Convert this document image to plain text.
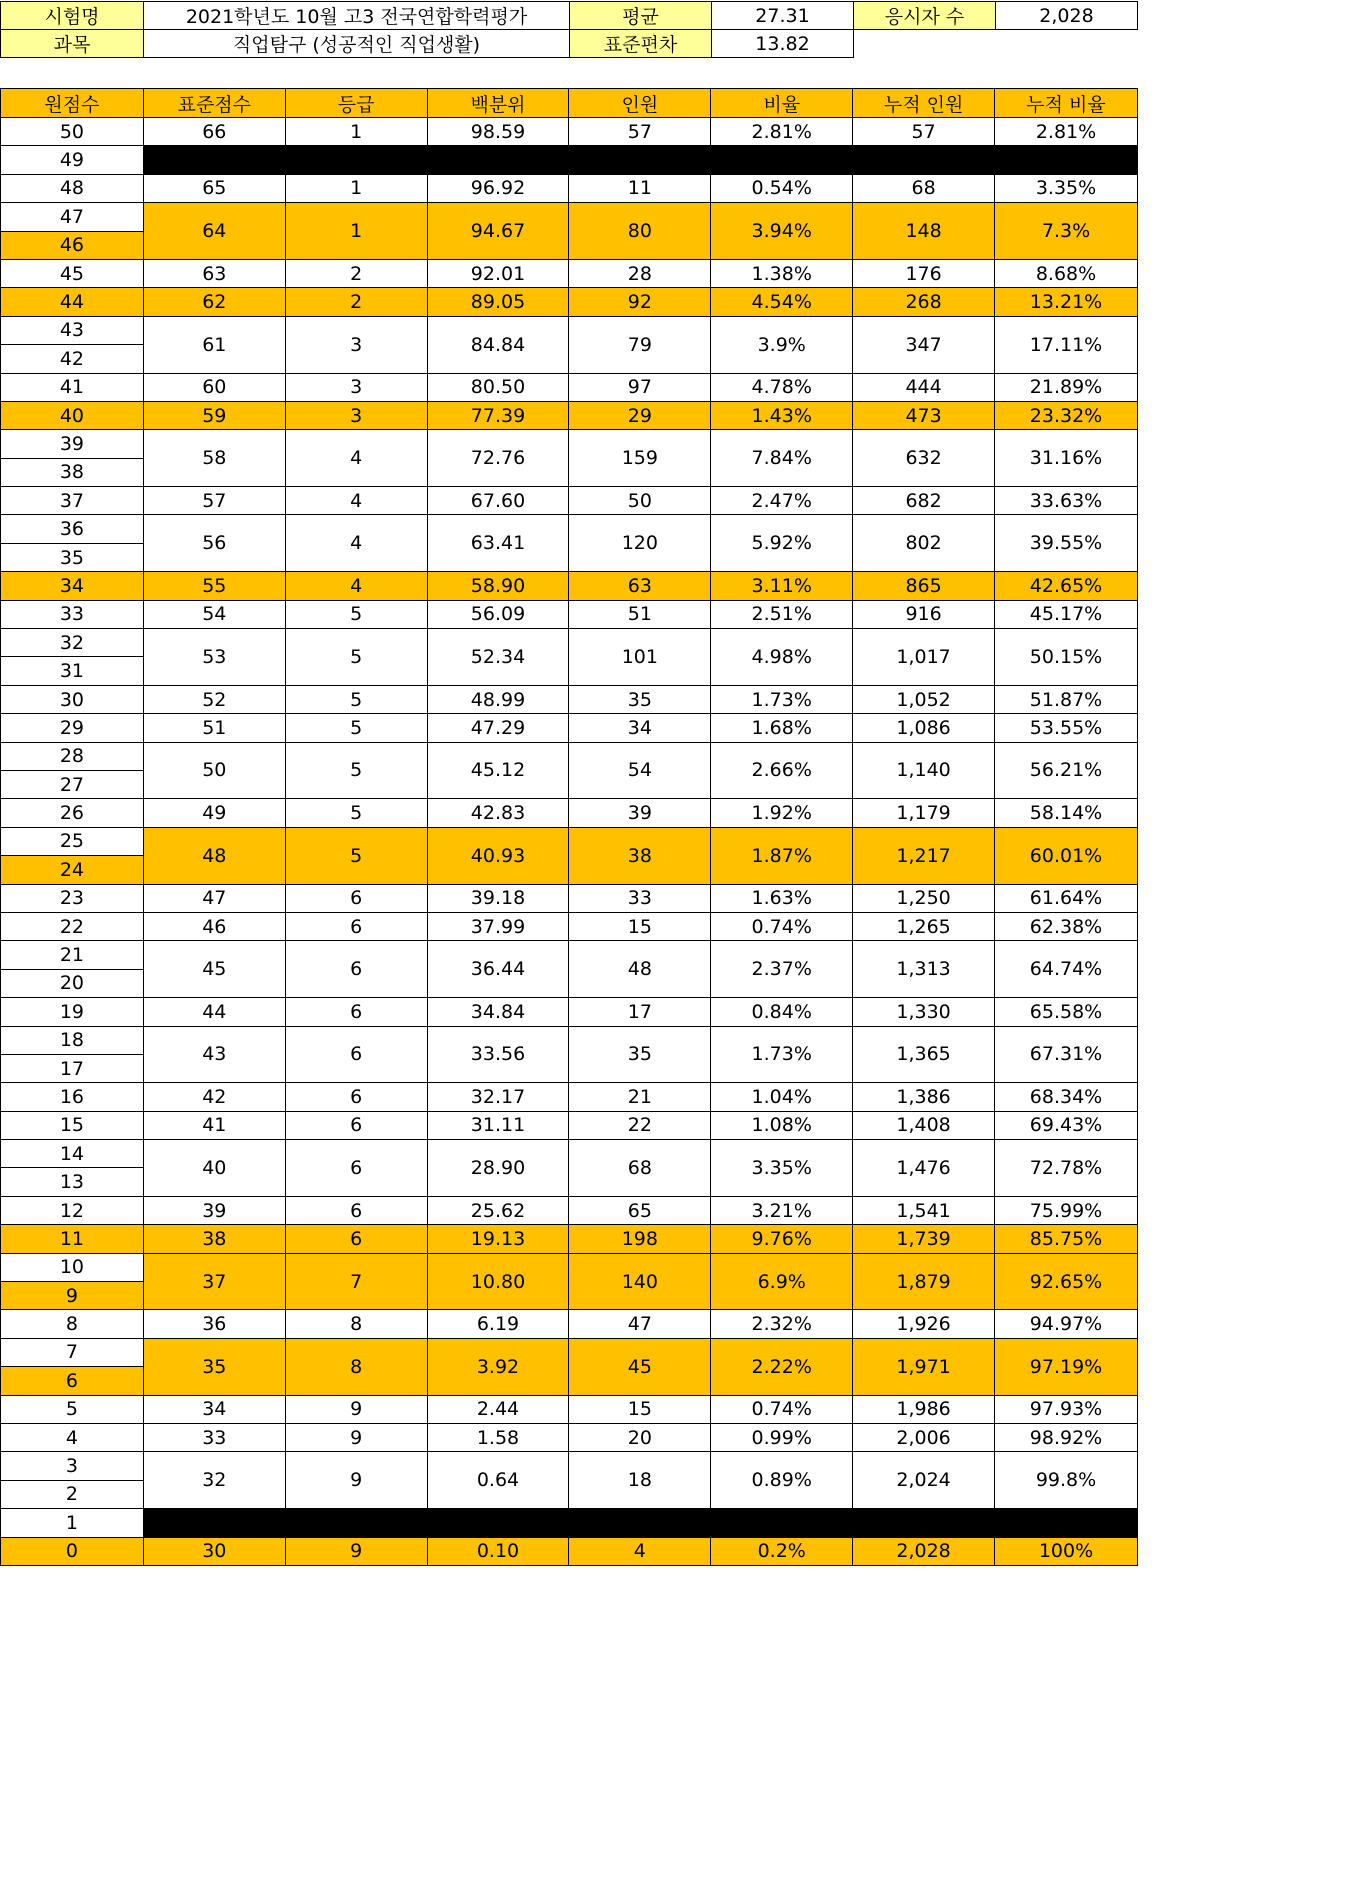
시험명	2021학년도 10월 고3 전국연합학력평가	평균	27.31	응시자 수	2,028
과목	직업탐구 (성공적인 직업생활)	표준편차	13.82		
원점수	표준점수	등급	백분위	인원	비율	누적 인원	누적 비율
50	66	1	98.59	57	2.81%	57	2.81%
49							
48	65	1	96.92	11	0.54%	68	3.35%
47	64	1	94.67	80	3.94%	148	7.3%
46							
45	63	2	92.01	28	1.38%	176	8.68%
44	62	2	89.05	92	4.54%	268	13.21%
43	61	3	84.84	79	3.9%	347	17.11%
42							
41	60	3	80.50	97	4.78%	444	21.89%
40	59	3	77.39	29	1.43%	473	23.32%
39	58	4	72.76	159	7.84%	632	31.16%
38							
37	57	4	67.60	50	2.47%	682	33.63%
36	56	4	63.41	120	5.92%	802	39.55%
35							
34	55	4	58.90	63	3.11%	865	42.65%
33	54	5	56.09	51	2.51%	916	45.17%
32	53	5	52.34	101	4.98%	1,017	50.15%
31							
30	52	5	48.99	35	1.73%	1,052	51.87%
29	51	5	47.29	34	1.68%	1,086	53.55%
28	50	5	45.12	54	2.66%	1,140	56.21%
27							
26	49	5	42.83	39	1.92%	1,179	58.14%
25	48	5	40.93	38	1.87%	1,217	60.01%
24							
23	47	6	39.18	33	1.63%	1,250	61.64%
22	46	6	37.99	15	0.74%	1,265	62.38%
21	45	6	36.44	48	2.37%	1,313	64.74%
20							
19	44	6	34.84	17	0.84%	1,330	65.58%
18	43	6	33.56	35	1.73%	1,365	67.31%
17							
16	42	6	32.17	21	1.04%	1,386	68.34%
15	41	6	31.11	22	1.08%	1,408	69.43%
14	40	6	28.90	68	3.35%	1,476	72.78%
13							
12	39	6	25.62	65	3.21%	1,541	75.99%
11	38	6	19.13	198	9.76%	1,739	85.75%
10	37	7	10.80	140	6.9%	1,879	92.65%
9							
8	36	8	6.19	47	2.32%	1,926	94.97%
7	35	8	3.92	45	2.22%	1,971	97.19%
6							
5	34	9	2.44	15	0.74%	1,986	97.93%
4	33	9	1.58	20	0.99%	2,006	98.92%
3	32	9	0.64	18	0.89%	2,024	99.8%
2							
1							
0	30	9	0.10	4	0.2%	2,028	100%
